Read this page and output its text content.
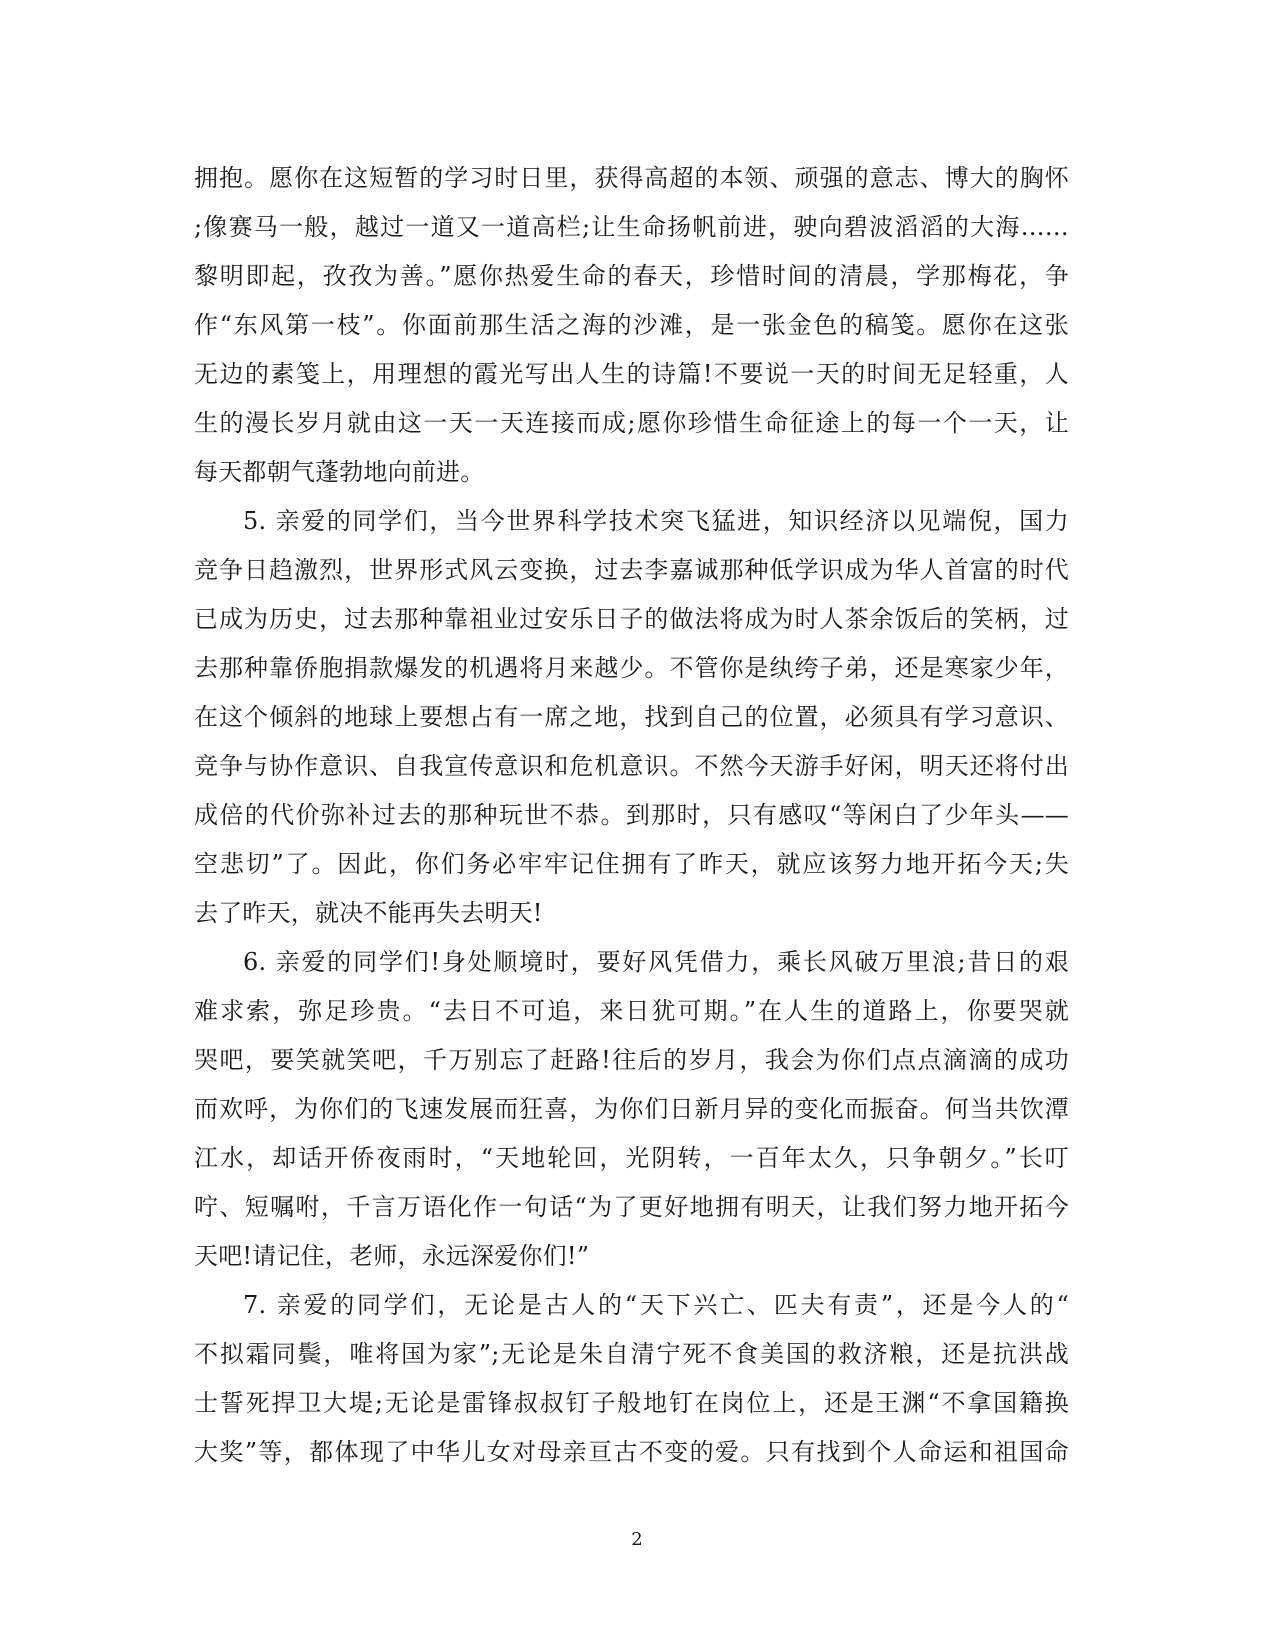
拥抱。愿你在这短暂的学习时日里，获得高超的本领、顽强的意志、博大的胸怀
;像赛马一般，越过一道又一道高栏;让生命扬帆前进，驶向碧波滔滔的大海……
黎明即起，孜孜为善。”愿你热爱生命的春天，珍惜时间的清晨，学那梅花，争
作“东风第一枝”。你面前那生活之海的沙滩，是一张金色的稿笺。愿你在这张
无边的素笺上，用理想的霞光写出人生的诗篇!不要说一天的时间无足轻重，人
生的漫长岁月就由这一天一天连接而成;愿你珍惜生命征途上的每一个一天，让
每天都朝气蓬勃地向前进。
5. 亲爱的同学们，当今世界科学技术突飞猛进，知识经济以见端倪，国力
竞争日趋激烈，世界形式风云变换，过去李嘉诚那种低学识成为华人首富的时代
已成为历史，过去那种靠祖业过安乐日子的做法将成为时人茶余饭后的笑柄，过
去那种靠侨胞捐款爆发的机遇将月来越少。不管你是纨绔子弟，还是寒家少年，
在这个倾斜的地球上要想占有一席之地，找到自己的位置，必须具有学习意识、
竞争与协作意识、自我宣传意识和危机意识。不然今天游手好闲，明天还将付出
成倍的代价弥补过去的那种玩世不恭。到那时，只有感叹“等闲白了少年头——
空悲切”了。因此，你们务必牢牢记住拥有了昨天，就应该努力地开拓今天;失
去了昨天，就决不能再失去明天!
6. 亲爱的同学们!身处顺境时，要好风凭借力，乘长风破万里浪;昔日的艰
难求索，弥足珍贵。“去日不可追，来日犹可期。”在人生的道路上，你要哭就
哭吧，要笑就笑吧，千万别忘了赶路!往后的岁月，我会为你们点点滴滴的成功
而欢呼，为你们的飞速发展而狂喜，为你们日新月异的变化而振奋。何当共饮潭
江水，却话开侨夜雨时，“天地轮回，光阴转，一百年太久，只争朝夕。”长叮
咛、短嘱咐，千言万语化作一句话“为了更好地拥有明天，让我们努力地开拓今
天吧!请记住，老师，永远深爱你们!”
7. 亲爱的同学们，无论是古人的“天下兴亡、匹夫有责”，还是今人的“
不拟霜同鬓，唯将国为家”;无论是朱自清宁死不食美国的救济粮，还是抗洪战
士誓死捍卫大堤;无论是雷锋叔叔钉子般地钉在岗位上，还是王渊“不拿国籍换
大奖”等，都体现了中华儿女对母亲亘古不变的爱。只有找到个人命运和祖国命
2
